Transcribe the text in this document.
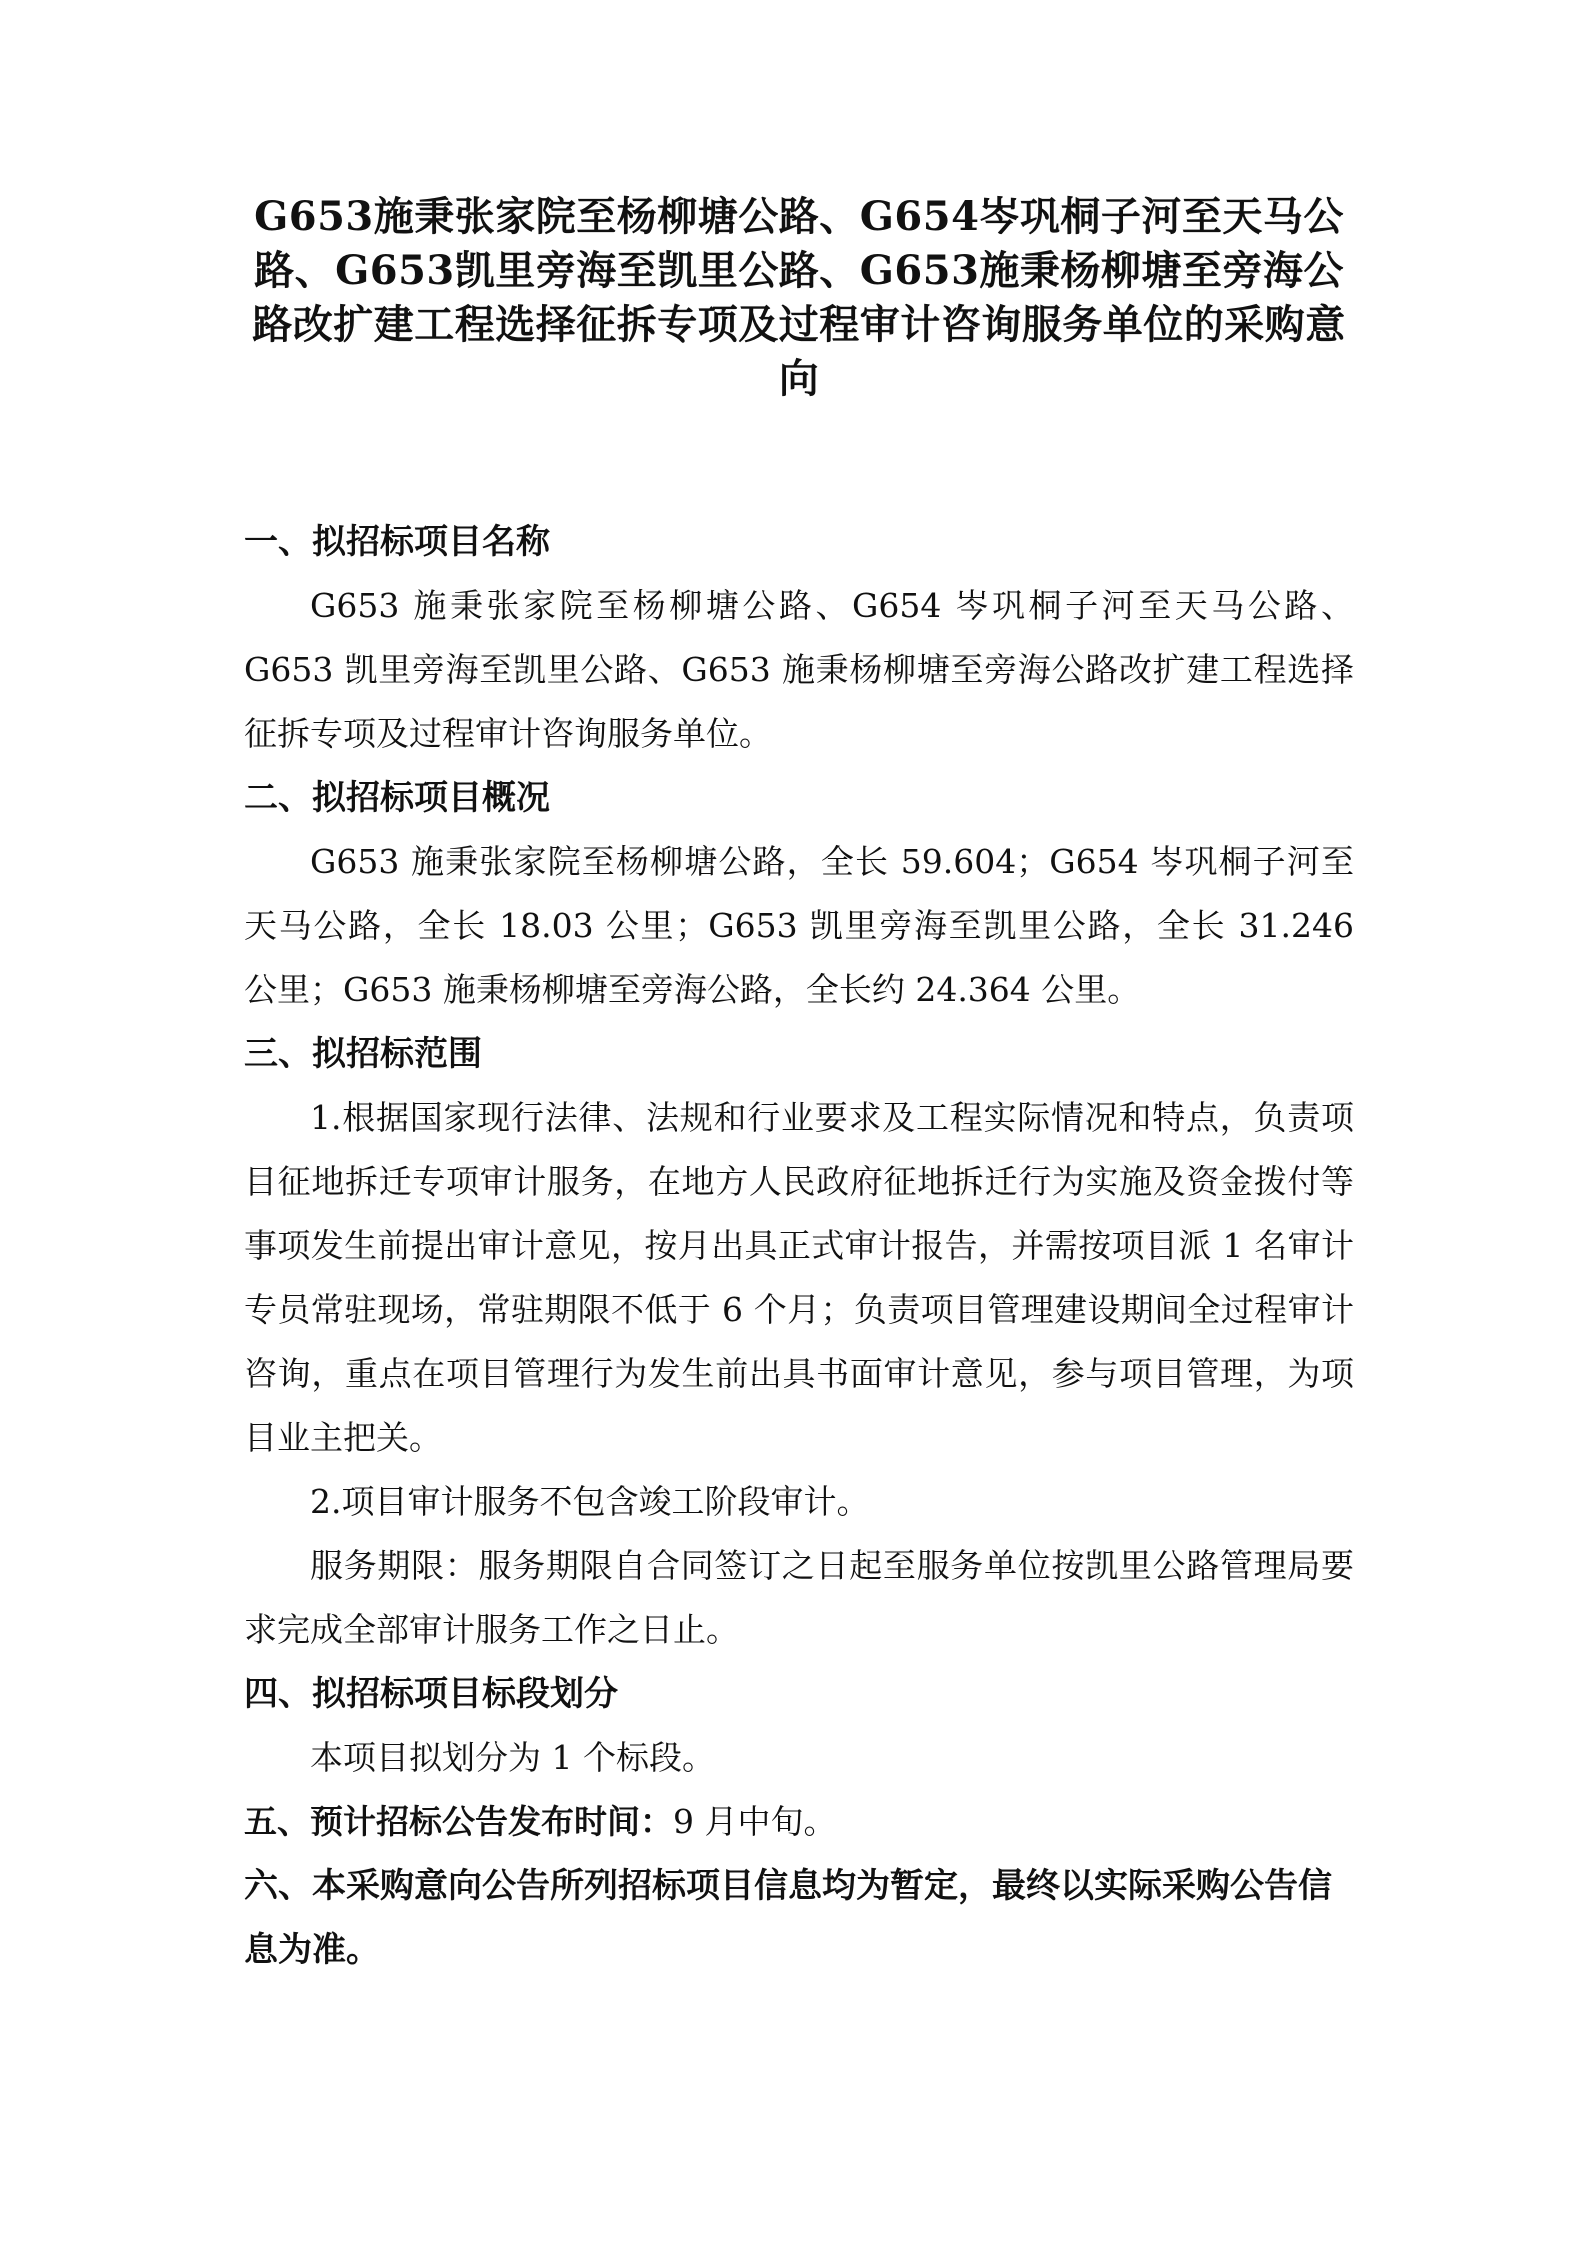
G653施秉张家院至杨柳塘公路、G654岑巩桐子河至天马公路、G653凯里旁海至凯里公路、G653施秉杨柳塘至旁海公路改扩建工程选择征拆专项及过程审计咨询服务单位的采购意向

一、拟招标项目名称

G653 施秉张家院至杨柳塘公路、G654 岑巩桐子河至天马公路、G653 凯里旁海至凯里公路、G653 施秉杨柳塘至旁海公路改扩建工程选择征拆专项及过程审计咨询服务单位。

二、拟招标项目概况

G653 施秉张家院至杨柳塘公路，全长 59.604；G654 岑巩桐子河至天马公路，全长 18.03 公里；G653 凯里旁海至凯里公路，全长 31.246 公里；G653 施秉杨柳塘至旁海公路，全长约 24.364 公里。

三、拟招标范围

1.根据国家现行法律、法规和行业要求及工程实际情况和特点，负责项目征地拆迁专项审计服务，在地方人民政府征地拆迁行为实施及资金拨付等事项发生前提出审计意见，按月出具正式审计报告，并需按项目派 1 名审计专员常驻现场，常驻期限不低于 6 个月；负责项目管理建设期间全过程审计咨询，重点在项目管理行为发生前出具书面审计意见，参与项目管理，为项目业主把关。

2.项目审计服务不包含竣工阶段审计。

服务期限：服务期限自合同签订之日起至服务单位按凯里公路管理局要求完成全部审计服务工作之日止。

四、拟招标项目标段划分

本项目拟划分为 1 个标段。

五、预计招标公告发布时间：9 月中旬。

六、本采购意向公告所列招标项目信息均为暂定，最终以实际采购公告信息为准。
